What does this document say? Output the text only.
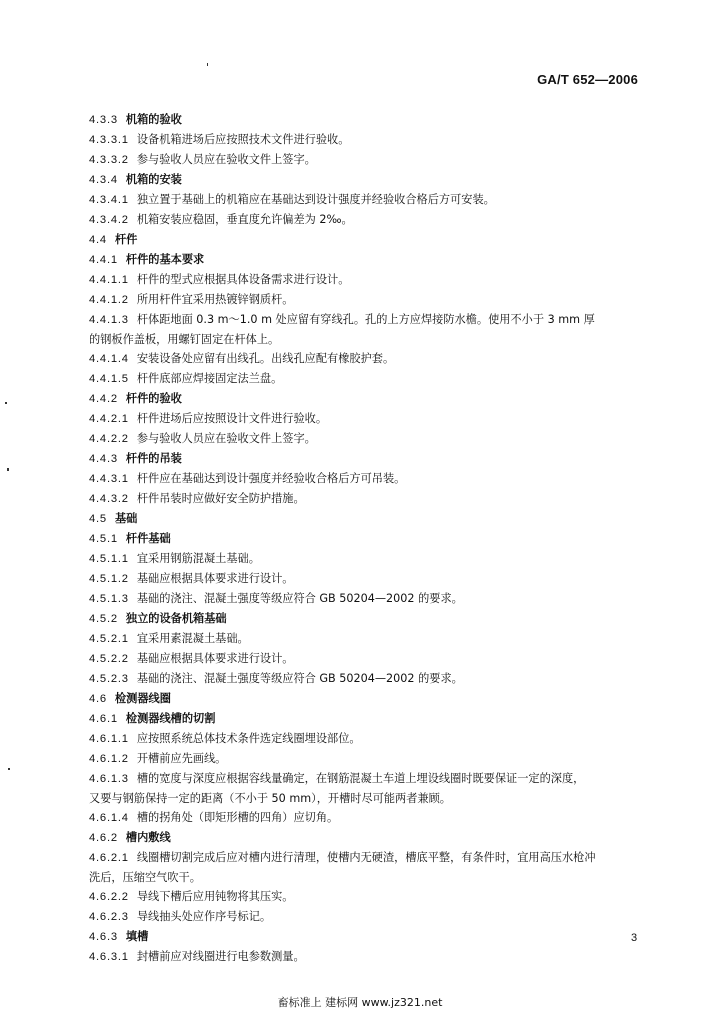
GA/T 652—2006
4.3.3 机箱的验收
4.3.3.1 设备机箱进场后应按照技术文件进行验收。
4.3.3.2 参与验收人员应在验收文件上签字。
4.3.4 机箱的安装
4.3.4.1 独立置于基础上的机箱应在基础达到设计强度并经验收合格后方可安装。
4.3.4.2 机箱安装应稳固，垂直度允许偏差为 2‰。
4.4 杆件
4.4.1 杆件的基本要求
4.4.1.1 杆件的型式应根据具体设备需求进行设计。
4.4.1.2 所用杆件宜采用热镀锌钢质杆。
4.4.1.3 杆体距地面 0.3 m～1.0 m 处应留有穿线孔。孔的上方应焊接防水檐。使用不小于 3 mm 厚
的钢板作盖板，用螺钉固定在杆体上。
4.4.1.4 安装设备处应留有出线孔。出线孔应配有橡胶护套。
4.4.1.5 杆件底部应焊接固定法兰盘。
4.4.2 杆件的验收
4.4.2.1 杆件进场后应按照设计文件进行验收。
4.4.2.2 参与验收人员应在验收文件上签字。
4.4.3 杆件的吊装
4.4.3.1 杆件应在基础达到设计强度并经验收合格后方可吊装。
4.4.3.2 杆件吊装时应做好安全防护措施。
4.5 基础
4.5.1 杆件基础
4.5.1.1 宜采用钢筋混凝土基础。
4.5.1.2 基础应根据具体要求进行设计。
4.5.1.3 基础的浇注、混凝土强度等级应符合 GB 50204—2002 的要求。
4.5.2 独立的设备机箱基础
4.5.2.1 宜采用素混凝土基础。
4.5.2.2 基础应根据具体要求进行设计。
4.5.2.3 基础的浇注、混凝土强度等级应符合 GB 50204—2002 的要求。
4.6 检测器线圈
4.6.1 检测器线槽的切割
4.6.1.1 应按照系统总体技术条件选定线圈埋设部位。
4.6.1.2 开槽前应先画线。
4.6.1.3 槽的宽度与深度应根据容线量确定，在钢筋混凝土车道上埋设线圈时既要保证一定的深度，
又要与钢筋保持一定的距离（不小于 50 mm），开槽时尽可能两者兼顾。
4.6.1.4 槽的拐角处（即矩形槽的四角）应切角。
4.6.2 槽内敷线
4.6.2.1 线圈槽切割完成后应对槽内进行清理，使槽内无硬渣，槽底平整，有条件时，宜用高压水枪冲
洗后，压缩空气吹干。
4.6.2.2 导线下槽后应用钝物将其压实。
4.6.2.3 导线抽头处应作序号标记。
4.6.3 填槽
4.6.3.1 封槽前应对线圈进行电参数测量。
3
畜标准上 建标网 www.jz321.net
